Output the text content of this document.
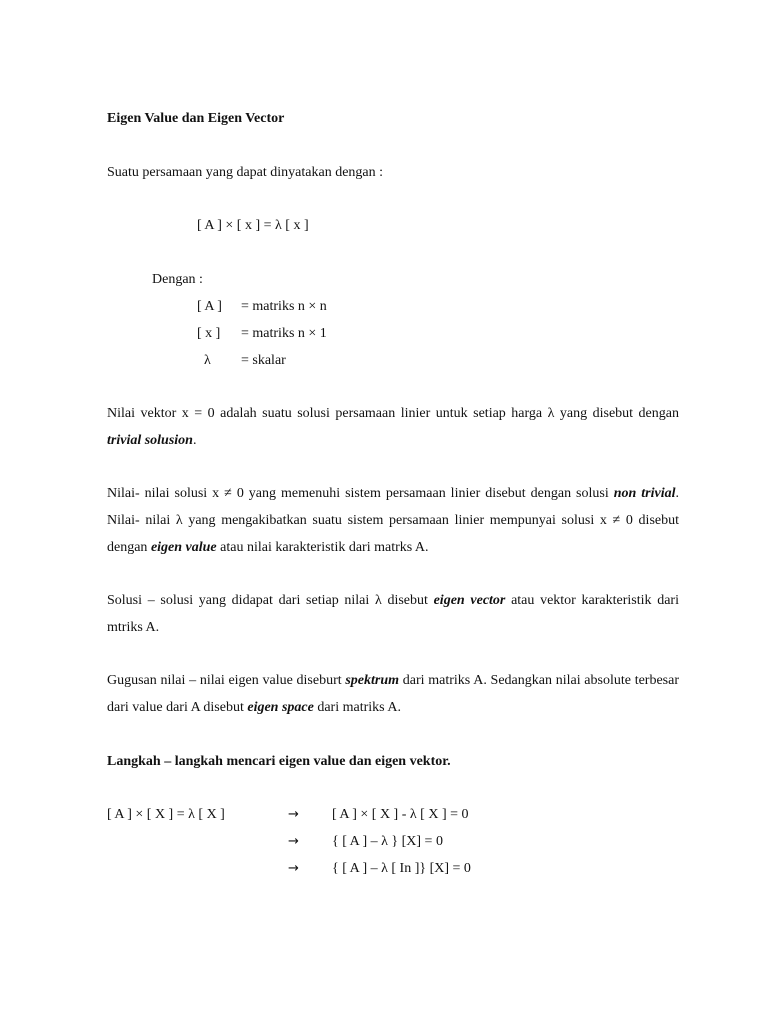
Eigen Value dan Eigen Vector
Suatu persamaan yang dapat dinyatakan dengan :
[ A ] × [ x ] = λ [ x ]
Dengan :
[ A ] = matriks n × n
[ x ] = matriks n × 1
λ = skalar
Nilai vektor x = 0 adalah suatu solusi persamaan linier untuk setiap harga λ yang disebut dengan trivial solusion.
Nilai- nilai solusi x ≠ 0 yang memenuhi sistem persamaan linier disebut dengan solusi non trivial. Nilai- nilai λ yang mengakibatkan suatu sistem persamaan linier mempunyai solusi x ≠ 0 disebut dengan eigen value atau nilai karakteristik dari matrks A.
Solusi – solusi yang didapat dari setiap nilai λ disebut eigen vector atau vektor karakteristik dari mtriks A.
Gugusan nilai – nilai eigen value diseburt spektrum dari matriks A. Sedangkan nilai absolute terbesar dari value dari A disebut eigen space dari matriks A.
Langkah – langkah mencari eigen value dan eigen vektor.
[ A ] × [ X ] = λ [ X ]	→ [ A ] × [ X ] - λ [ X ] = 0
→ { [ A ] – λ } [X] = 0
→ { [ A ] – λ [ In ]} [X] = 0
